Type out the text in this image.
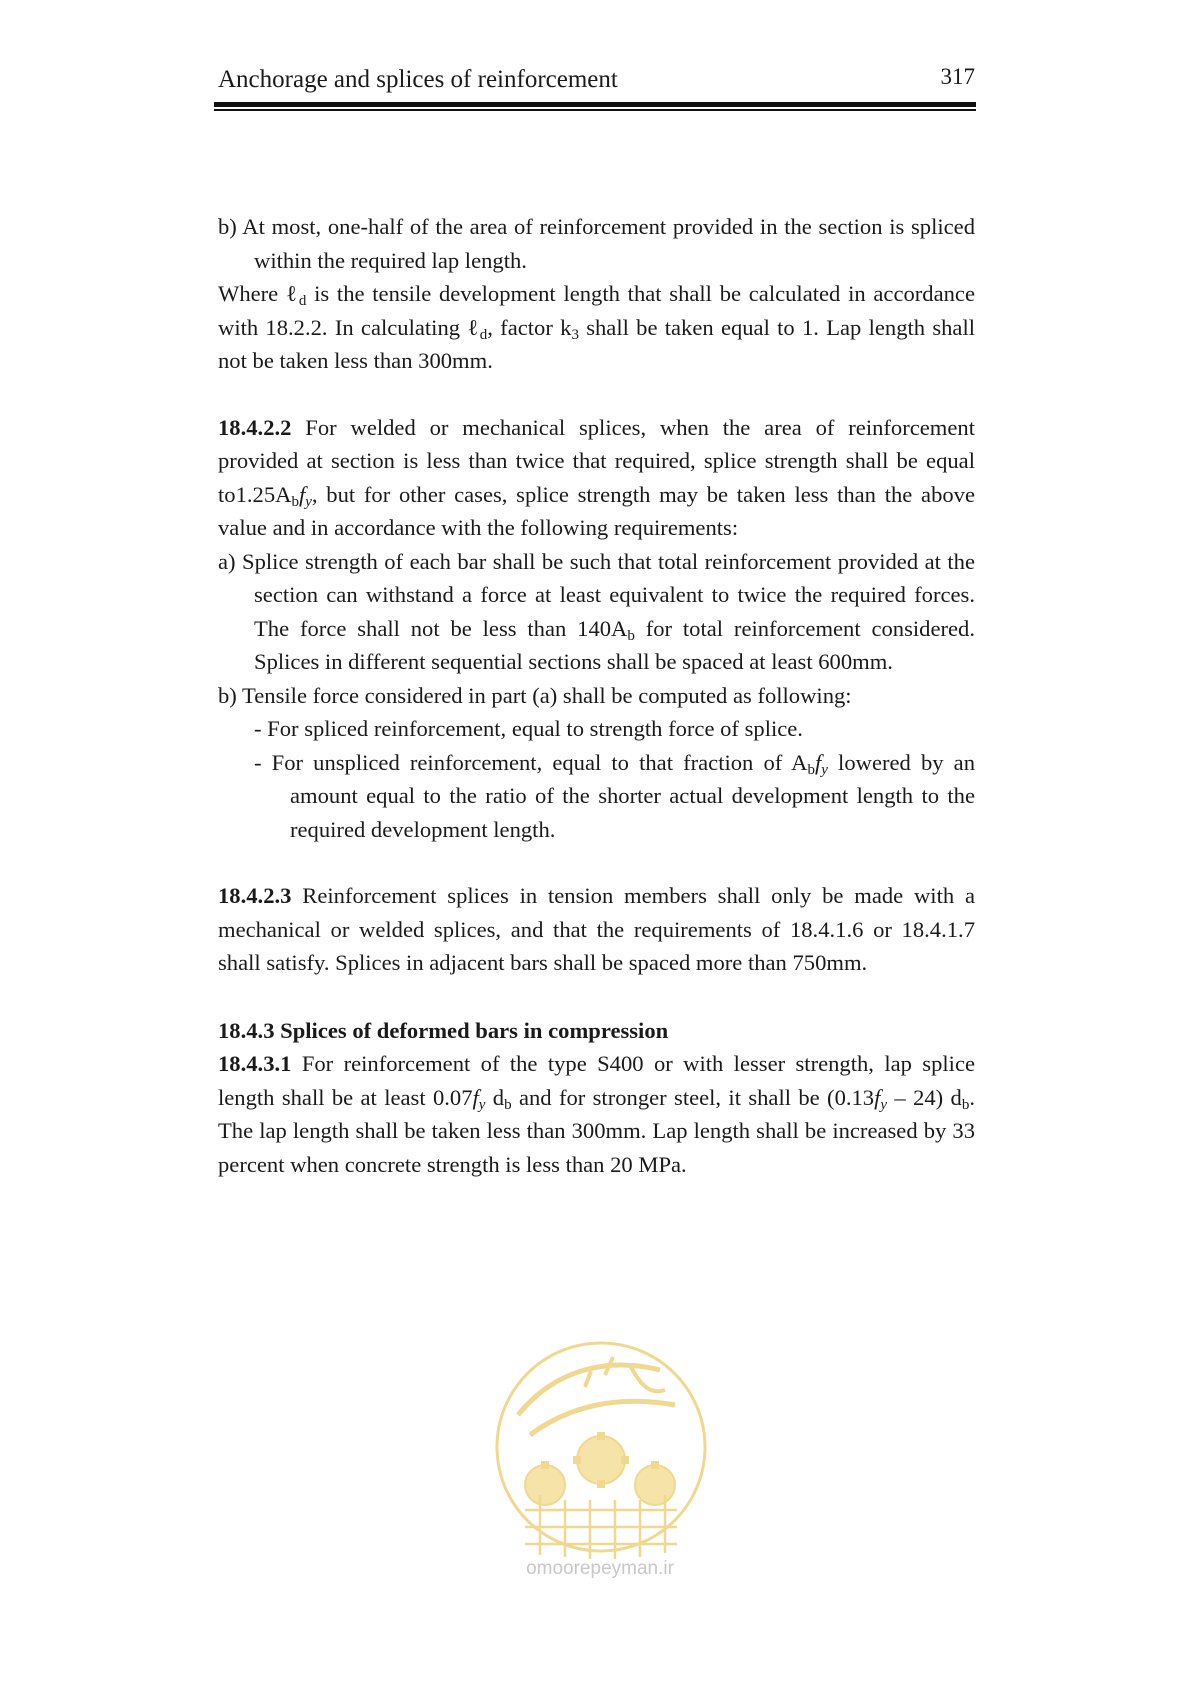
Anchorage and splices of reinforcement	317

b) At most, one-half of the area of reinforcement provided in the section is spliced within the required lap length.

Where ℓ$_d$ is the tensile development length that shall be calculated in accordance with 18.2.2. In calculating ℓ$_d$, factor $k_3$ shall be taken equal to 1. Lap length shall not be taken less than 300mm.

18.4.2.2 For welded or mechanical splices, when the area of reinforcement provided at section is less than twice that required, splice strength shall be equal $to1.25A_bf_y$, but for other cases, splice strength may be taken less than the above value and in accordance with the following requirements:

a) Splice strength of each bar shall be such that total reinforcement provided at the section can withstand a force at least equivalent to twice the required forces. The force shall not be less than $140A_b$ for total reinforcement considered. Splices in different sequential sections shall be spaced at least 600mm.

b) Tensile force considered in part (a) shall be computed as following:

- For spliced reinforcement, equal to strength force of splice.

- For unspliced reinforcement, equal to that fraction of $A_bf_y$ lowered by an amount equal to the ratio of the shorter actual development length to the required development length.

18.4.2.3 Reinforcement splices in tension members shall only be made with a mechanical or welded splices, and that the requirements of 18.4.1.6 or 18.4.1.7 shall satisfy. Splices in adjacent bars shall be spaced more than 750mm.

18.4.3 Splices of deformed bars in compression

18.4.3.1 For reinforcement of the type S400 or with lesser strength, lap splice length shall be at least $0.07f_y$ $d_b$ and for stronger steel, it shall be $(0.13f_y - 24)$ $d_b$. The lap length shall be taken less than 300mm. Lap length shall be increased by 33 percent when concrete strength is less than 20 MPa.

omoorepeyman.ir
